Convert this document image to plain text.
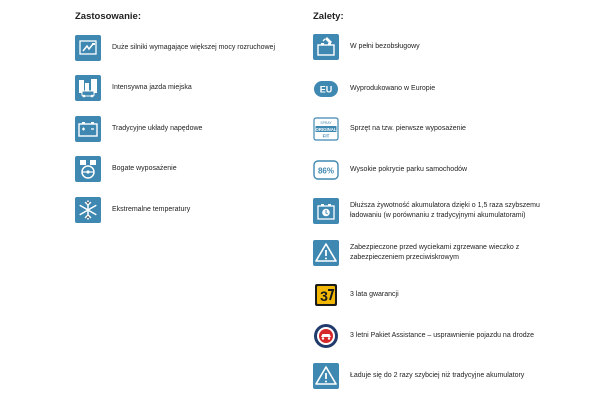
Zastosowanie:	Zalety:
Duże silniki wymagające większej mocy rozruchowej
Intensywna jazda miejska
Tradycyjne układy napędowe
Bogate wyposażenie
Ekstremalne temperatury
W pełni bezobsługowy
EU	Wyprodukowano w Europie
SPRAY
ORIGINAL
FIT
Sprzęt na tzw. pierwsze wyposażenie
86% Wysokie pokrycie parku samochodów
Dłuższa żywotność akumulatora dzięki o 1,5 raza szybszemu ładowaniu (w porównaniu z tradycyjnymi akumulatorami)
Zabezpieczone przed wyciekami zgrzewane wieczko z zabezpieczeniem przeciwiskrowym
3	3 lata gwarancji
3 letni Pakiet Assistance – usprawnienie pojazdu na drodze
Ładuje się do 2 razy szybciej niż tradycyjne akumulatory
